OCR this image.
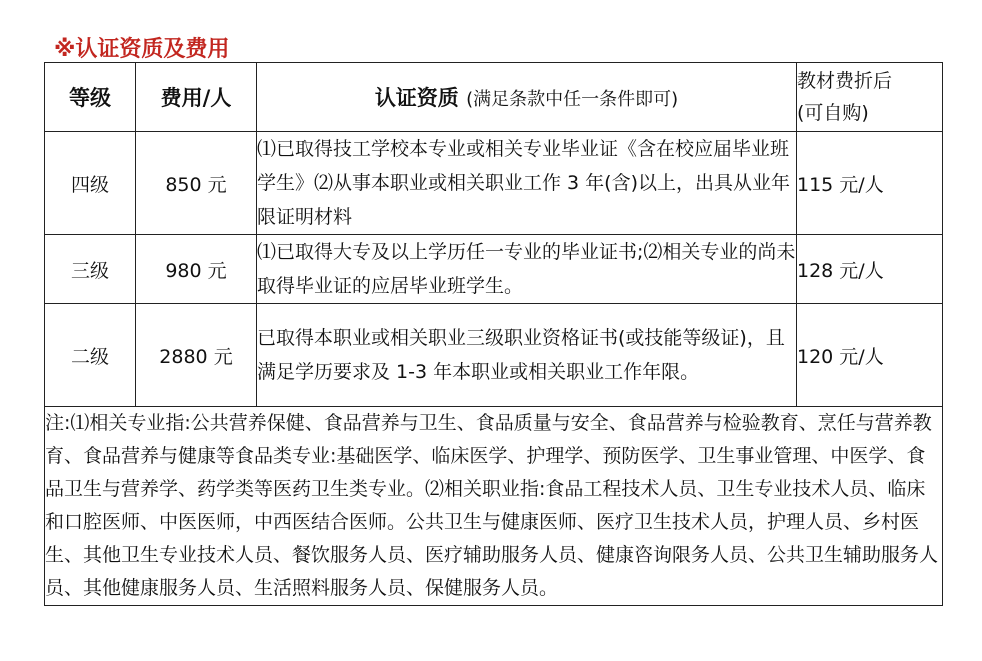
※认证资质及费用
等级	费用/人	认证资质 (满足条款中任一条件即可)	教材费折后
(可自购)

四级	850 元	⑴已取得技工学校本专业或相关专业毕业证《含在校应届毕业班学生》⑵从事本职业或相关职业工作 3 年(含)以上，出具从业年限证明材料	115 元/人
三级	980 元	⑴已取得大专及以上学历任一专业的毕业证书;⑵相关专业的尚未取得毕业证的应居毕业班学生。	128 元/人
二级	2880 元	已取得本职业或相关职业三级职业资格证书(或技能等级证)，且满足学历要求及 1-3 年本职业或相关职业工作年限。	120 元/人
注:⑴相关专业指:公共营养保健、食品营养与卫生、食品质量与安全、食品营养与检验教育、烹任与营养教育、食品营养与健康等食品类专业:基础医学、临床医学、护理学、预防医学、卫生事业管理、中医学、食品卫生与营养学、药学类等医药卫生类专业。⑵相关职业指:食品工程技术人员、卫生专业技术人员、临床和口腔医师、中医医师，中西医结合医师。公共卫生与健康医师、医疗卫生技术人员，护理人员、乡村医生、其他卫生专业技术人员、餐饮服务人员、医疗辅助服务人员、健康咨询限务人员、公共卫生辅助服务人员、其他健康服务人员、生活照料服务人员、保健服务人员。			
